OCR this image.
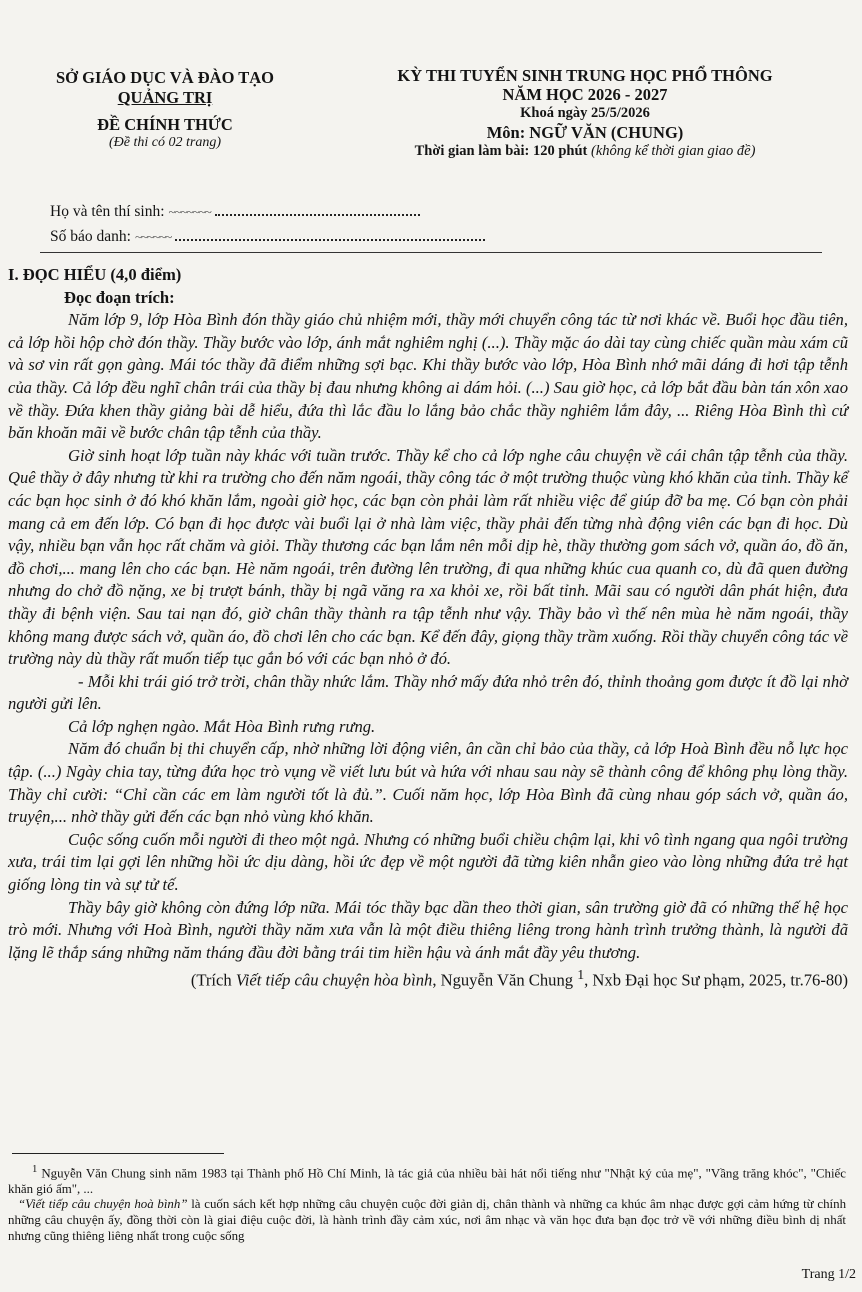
SỞ GIÁO DỤC VÀ ĐÀO TẠO
QUẢNG TRỊ
ĐỀ CHÍNH THỨC
(Đề thi có 02 trang)
KỲ THI TUYỂN SINH TRUNG HỌC PHỔ THÔNG
NĂM HỌC 2026 - 2027
Khoá ngày 25/5/2026
Môn: NGỮ VĂN (CHUNG)
Thời gian làm bài: 120 phút (không kể thời gian giao đề)
Họ và tên thí sinh: ~~~~~~~
Số báo danh: ~~~~~~

I. ĐỌC HIỂU (4,0 điểm)

Đọc đoạn trích:

Năm lớp 9, lớp Hòa Bình đón thầy giáo chủ nhiệm mới, thầy mới chuyển công tác từ nơi khác về. Buổi học đầu tiên, cả lớp hồi hộp chờ đón thầy. Thầy bước vào lớp, ánh mắt nghiêm nghị (...). Thầy mặc áo dài tay cùng chiếc quần màu xám cũ và sơ vin rất gọn gàng. Mái tóc thầy đã điểm những sợi bạc. Khi thầy bước vào lớp, Hòa Bình nhớ mãi dáng đi hơi tập tễnh của thầy. Cả lớp đều nghĩ chân trái của thầy bị đau nhưng không ai dám hỏi. (...) Sau giờ học, cả lớp bắt đầu bàn tán xôn xao về thầy. Đứa khen thầy giảng bài dễ hiểu, đứa thì lắc đầu lo lắng bảo chắc thầy nghiêm lắm đây, ... Riêng Hòa Bình thì cứ băn khoăn mãi về bước chân tập tễnh của thầy.

Giờ sinh hoạt lớp tuần này khác với tuần trước. Thầy kể cho cả lớp nghe câu chuyện về cái chân tập tễnh của thầy. Quê thầy ở đây nhưng từ khi ra trường cho đến năm ngoái, thầy công tác ở một trường thuộc vùng khó khăn của tỉnh. Thầy kể các bạn học sinh ở đó khó khăn lắm, ngoài giờ học, các bạn còn phải làm rất nhiều việc để giúp đỡ ba mẹ. Có bạn còn phải mang cả em đến lớp. Có bạn đi học được vài buổi lại ở nhà làm việc, thầy phải đến từng nhà động viên các bạn đi học. Dù vậy, nhiều bạn vẫn học rất chăm và giỏi. Thầy thương các bạn lắm nên mỗi dịp hè, thầy thường gom sách vở, quần áo, đồ ăn, đồ chơi,... mang lên cho các bạn. Hè năm ngoái, trên đường lên trường, đi qua những khúc cua quanh co, dù đã quen đường nhưng do chở đồ nặng, xe bị trượt bánh, thầy bị ngã văng ra xa khỏi xe, rồi bất tỉnh. Mãi sau có người dân phát hiện, đưa thầy đi bệnh viện. Sau tai nạn đó, giờ chân thầy thành ra tập tễnh như vậy. Thầy bảo vì thế nên mùa hè năm ngoái, thầy không mang được sách vở, quần áo, đồ chơi lên cho các bạn. Kể đến đây, giọng thầy trầm xuống. Rồi thầy chuyển công tác về trường này dù thầy rất muốn tiếp tục gắn bó với các bạn nhỏ ở đó.

- Mỗi khi trái gió trở trời, chân thầy nhức lắm. Thầy nhớ mấy đứa nhỏ trên đó, thỉnh thoảng gom được ít đồ lại nhờ người gửi lên.

Cả lớp nghẹn ngào. Mắt Hòa Bình rưng rưng.

Năm đó chuẩn bị thi chuyển cấp, nhờ những lời động viên, ân cần chỉ bảo của thầy, cả lớp Hoà Bình đều nỗ lực học tập. (...) Ngày chia tay, từng đứa học trò vụng về viết lưu bút và hứa với nhau sau này sẽ thành công để không phụ lòng thầy. Thầy chỉ cười: “Chỉ cần các em làm người tốt là đủ.”. Cuối năm học, lớp Hòa Bình đã cùng nhau góp sách vở, quần áo, truyện,... nhờ thầy gửi đến các bạn nhỏ vùng khó khăn.

Cuộc sống cuốn mỗi người đi theo một ngả. Nhưng có những buổi chiều chậm lại, khi vô tình ngang qua ngôi trường xưa, trái tim lại gợi lên những hồi ức dịu dàng, hồi ức đẹp về một người đã từng kiên nhẫn gieo vào lòng những đứa trẻ hạt giống lòng tin và sự tử tế.

Thầy bây giờ không còn đứng lớp nữa. Mái tóc thầy bạc dần theo thời gian, sân trường giờ đã có những thế hệ học trò mới. Nhưng với Hoà Bình, người thầy năm xưa vẫn là một điều thiêng liêng trong hành trình trưởng thành, là người đã lặng lẽ thắp sáng những năm tháng đầu đời bằng trái tim hiền hậu và ánh mắt đầy yêu thương.

(Trích Viết tiếp câu chuyện hòa bình, Nguyễn Văn Chung $^1$, Nxb Đại học Sư phạm, 2025, tr.76-80)

$^1$ Nguyễn Văn Chung sinh năm 1983 tại Thành phố Hồ Chí Minh, là tác giả của nhiều bài hát nổi tiếng như "Nhật ký của mẹ", "Vầng trăng khóc", "Chiếc khăn gió ấm", ...

“Viết tiếp câu chuyện hoà bình” là cuốn sách kết hợp những câu chuyện cuộc đời giản dị, chân thành và những ca khúc âm nhạc được gợi cảm hứng từ chính những câu chuyện ấy, đồng thời còn là giai điệu cuộc đời, là hành trình đầy cảm xúc, nơi âm nhạc và văn học đưa bạn đọc trở về với những điều bình dị nhất nhưng cũng thiêng liêng nhất trong cuộc sống

Trang 1/2
